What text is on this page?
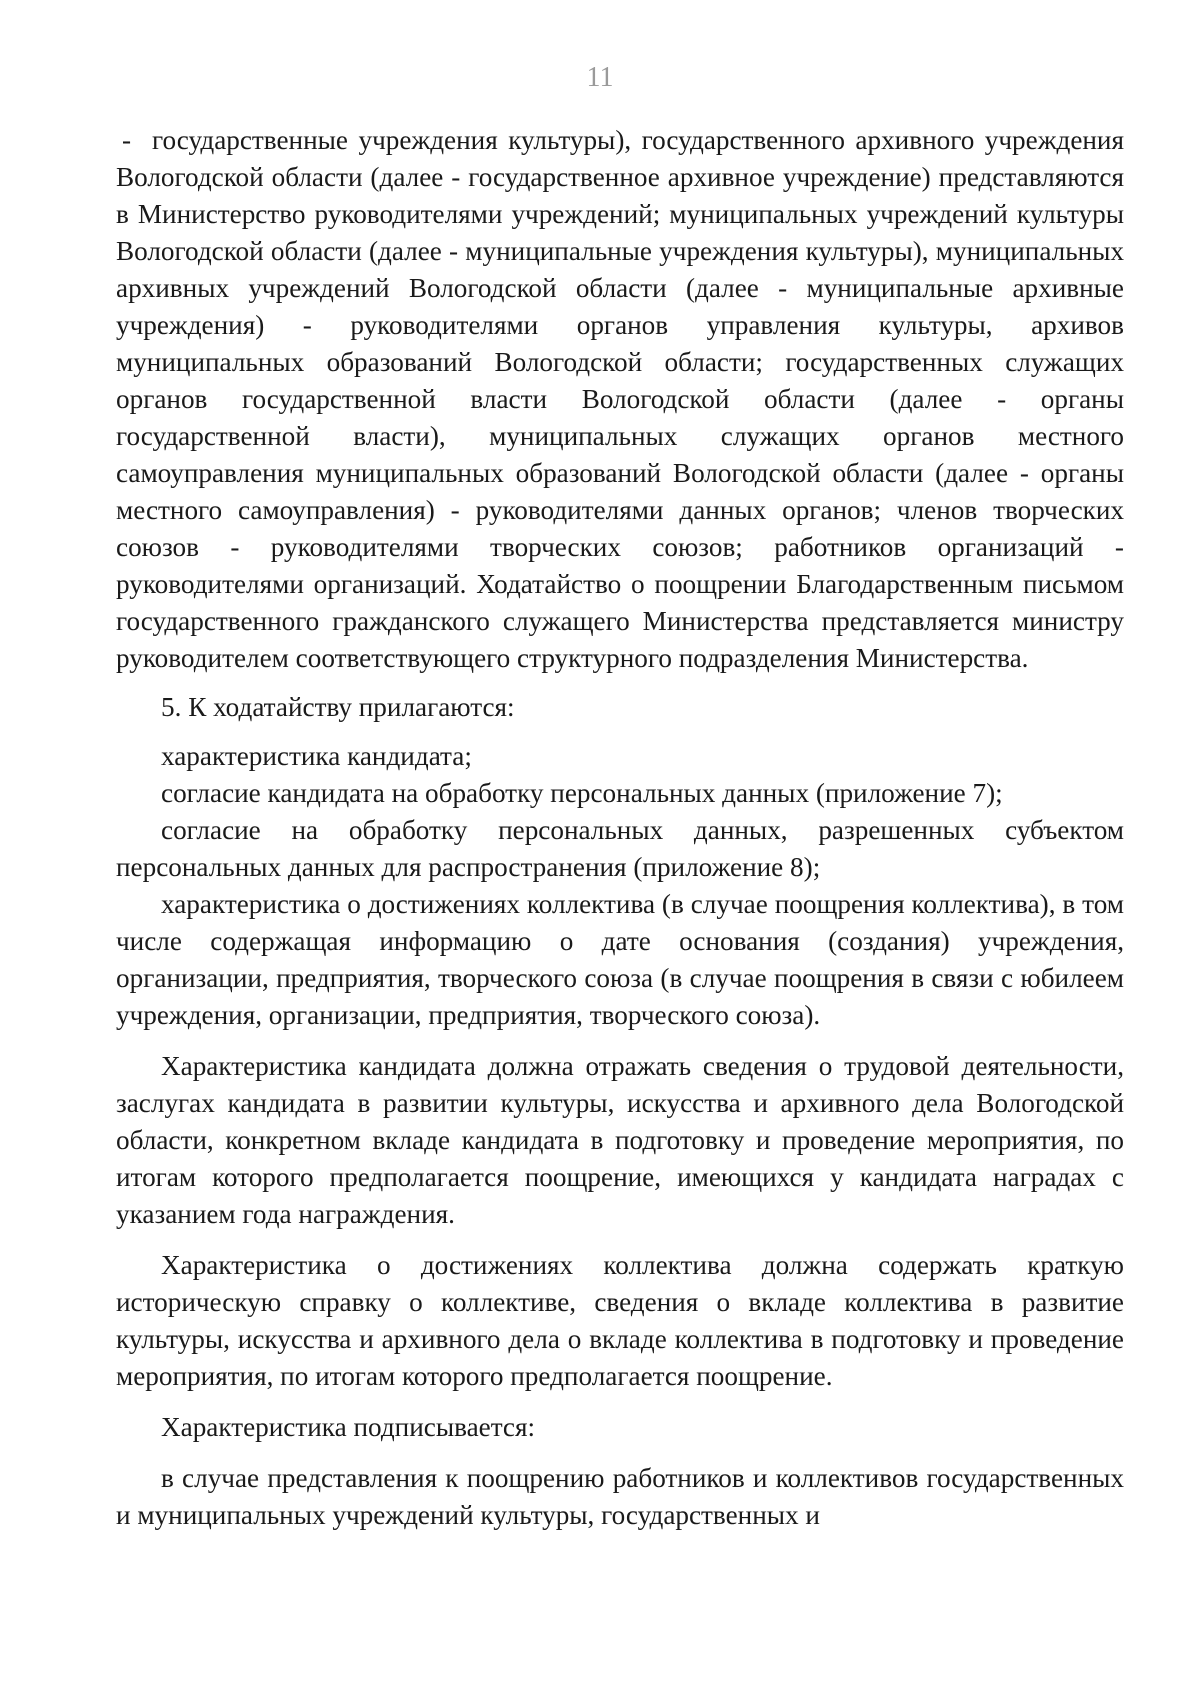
11

-  государственные учреждения культуры), государственного архивного учреждения Вологодской области (далее - государственное архивное учреждение) представляются в Министерство руководителями учреждений; муниципальных учреждений культуры Вологодской области (далее - муниципальные учреждения культуры), муниципальных архивных учреждений Вологодской области (далее - муниципальные архивные учреждения) - руководителями органов управления культуры, архивов муниципальных образований Вологодской области; государственных служащих органов государственной власти Вологодской области (далее - органы государственной власти), муниципальных служащих органов местного самоуправления муниципальных образований Вологодской области (далее - органы местного самоуправления) - руководителями данных органов; членов творческих союзов - руководителями творческих союзов; работников организаций - руководителями организаций. Ходатайство о поощрении Благодарственным письмом государственного гражданского служащего Министерства представляется министру руководителем соответствующего структурного подразделения Министерства.

5. К ходатайству прилагаются:

характеристика кандидата;

согласие кандидата на обработку персональных данных (приложение 7);

согласие на обработку персональных данных, разрешенных субъектом персональных данных для распространения (приложение 8);

характеристика о достижениях коллектива (в случае поощрения коллектива), в том числе содержащая информацию о дате основания (создания) учреждения, организации, предприятия, творческого союза (в случае поощрения в связи с юбилеем учреждения, организации, предприятия, творческого союза).

Характеристика кандидата должна отражать сведения о трудовой деятельности, заслугах кандидата в развитии культуры, искусства и архивного дела Вологодской области, конкретном вкладе кандидата в подготовку и проведение мероприятия, по итогам которого предполагается поощрение, имеющихся у кандидата наградах с указанием года награждения.

Характеристика о достижениях коллектива должна содержать краткую историческую справку о коллективе, сведения о вкладе коллектива в развитие культуры, искусства и архивного дела о вкладе коллектива в подготовку и проведение мероприятия, по итогам которого предполагается поощрение.

Характеристика подписывается:

в случае представления к поощрению работников и коллективов государственных и муниципальных учреждений культуры, государственных и
